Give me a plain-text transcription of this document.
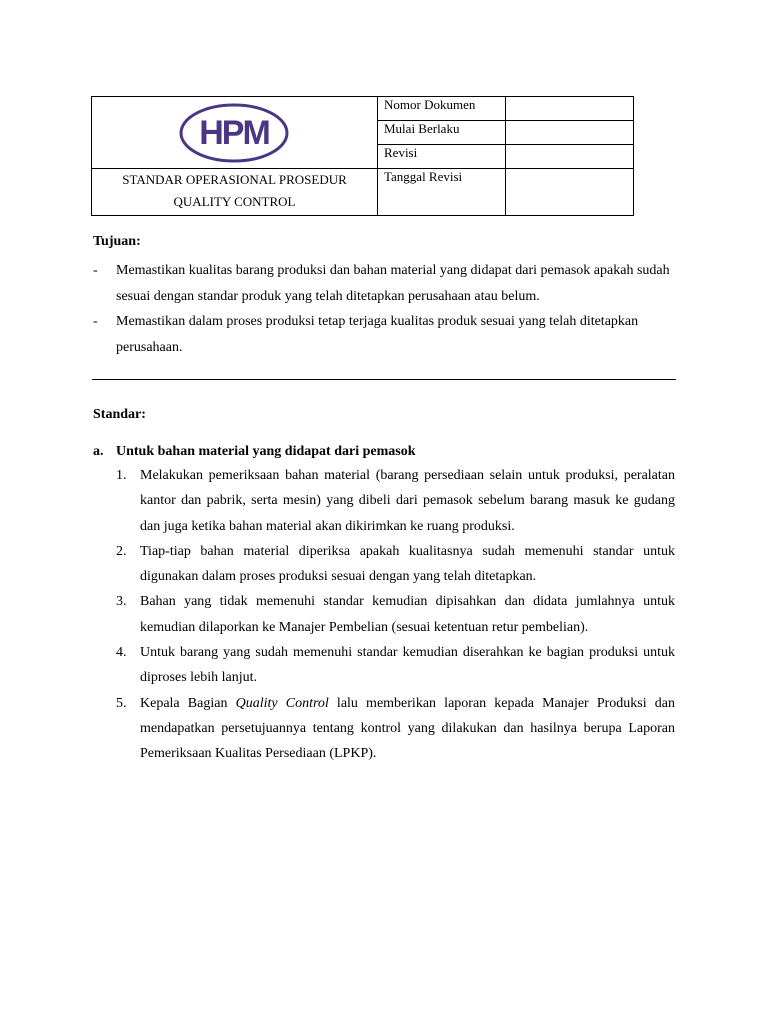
HPM	Nomor Dokumen	
	Mulai Berlaku	
	Revisi	

STANDAR OPERASIONAL PROSEDUR
QUALITY CONTROL	Tanggal Revisi	
Tujuan:
- Memastikan kualitas barang produksi dan bahan material yang didapat dari pemasok apakah sudah sesuai dengan standar produk yang telah ditetapkan perusahaan atau belum.
- Memastikan dalam proses produksi tetap terjaga kualitas produk sesuai yang telah ditetapkan perusahaan.
Standar:
a. Untuk bahan material yang didapat dari pemasok
1. Melakukan pemeriksaan bahan material (barang persediaan selain untuk produksi, peralatan kantor dan pabrik, serta mesin) yang dibeli dari pemasok sebelum barang masuk ke gudang dan juga ketika bahan material akan dikirimkan ke ruang produksi.

2. Tiap-tiap bahan material diperiksa apakah kualitasnya sudah memenuhi standar untuk digunakan dalam proses produksi sesuai dengan yang telah ditetapkan.

3. Bahan yang tidak memenuhi standar kemudian dipisahkan dan didata jumlahnya untuk kemudian dilaporkan ke Manajer Pembelian (sesuai ketentuan retur pembelian).

4. Untuk barang yang sudah memenuhi standar kemudian diserahkan ke bagian produksi untuk diproses lebih lanjut.

5. Kepala Bagian Quality Control lalu memberikan laporan kepada Manajer Produksi dan mendapatkan persetujuannya tentang kontrol yang dilakukan dan hasilnya berupa Laporan Pemeriksaan Kualitas Persediaan (LPKP).
